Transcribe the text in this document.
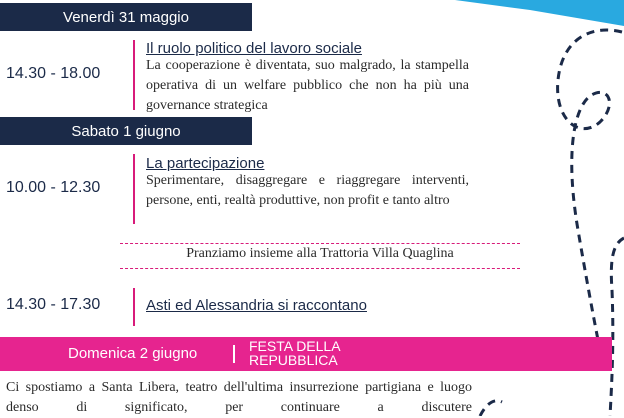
Venerdì 31 maggio
14.30 - 18.00
Il ruolo politico del lavoro sociale
La cooperazione è diventata, suo malgrado, la stampella operativa di un welfare pubblico che non ha più una governance strategica
Sabato 1 giugno
10.00 - 12.30
La partecipazione
Sperimentare, disaggregare e riaggregare interventi, persone, enti, realtà produttive, non profit e tanto altro
Pranziamo insieme alla Trattoria Villa Quaglina
14.30 - 17.30	Asti ed Alessandria si raccontano
Domenica 2 giugno	FESTA DELLA REPUBBLICA
Ci spostiamo a Santa Libera, teatro dell'ultima insurrezione partigiana e luogo denso di significato, per continuare a discutere
